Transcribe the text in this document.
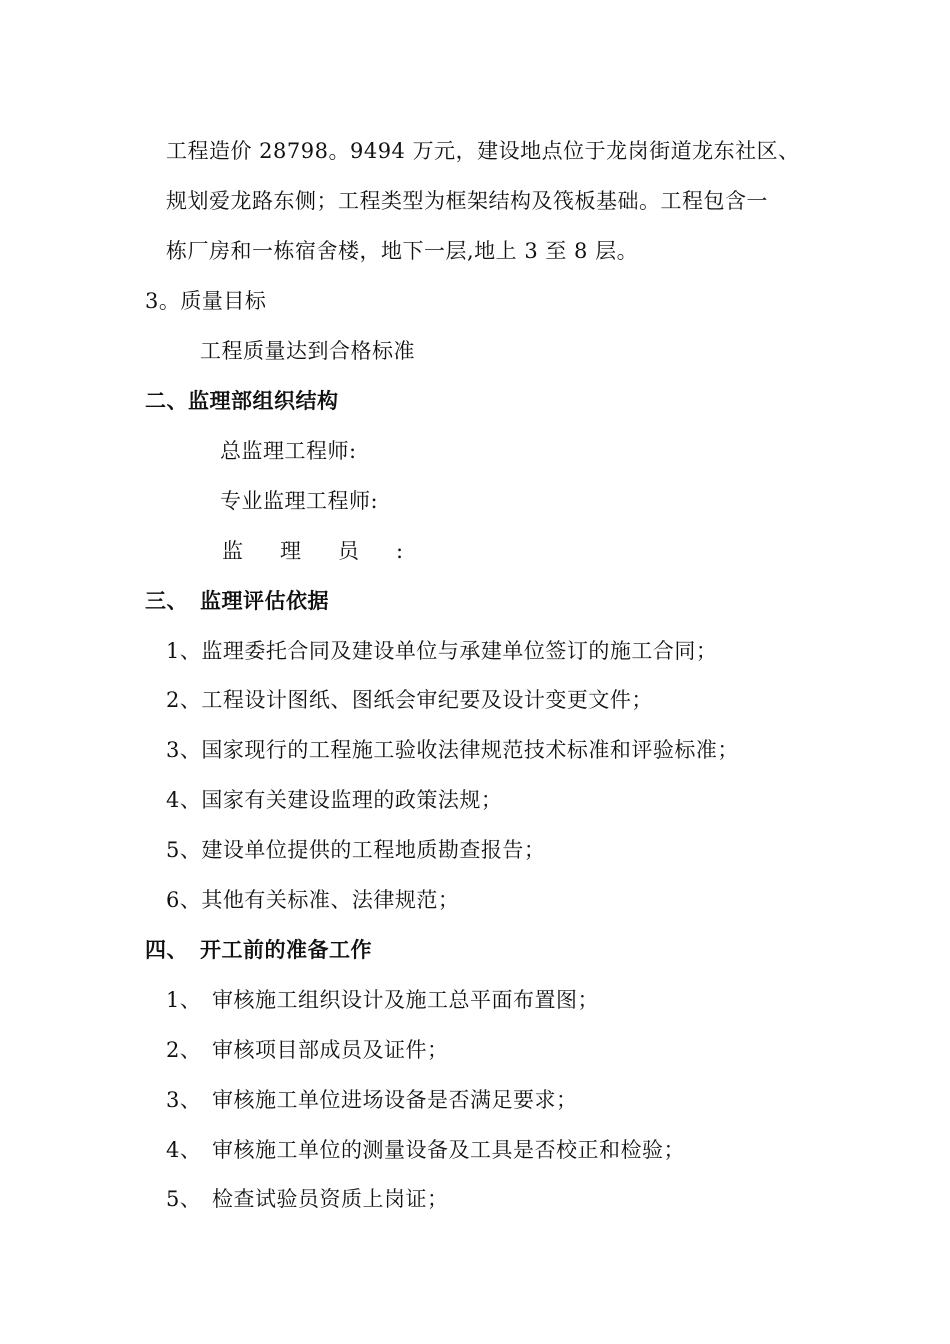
工程造价 28798。9494 万元，建设地点位于龙岗街道龙东社区、
规划爱龙路东侧；工程类型为框架结构及筏板基础。工程包含一
栋厂房和一栋宿舍楼，地下一层,地上 3 至 8 层。
3。质量目标
工程质量达到合格标准
二、监理部组织结构
总监理工程师:
专业监理工程师:
监 理 员 :
三、 监理评估依据
1、监理委托合同及建设单位与承建单位签订的施工合同；
2、工程设计图纸、图纸会审纪要及设计变更文件；
3、国家现行的工程施工验收法律规范技术标准和评验标准；
4、国家有关建设监理的政策法规；
5、建设单位提供的工程地质勘查报告；
6、其他有关标准、法律规范；
四、 开工前的准备工作
1、 审核施工组织设计及施工总平面布置图；
2、 审核项目部成员及证件；
3、 审核施工单位进场设备是否满足要求；
4、 审核施工单位的测量设备及工具是否校正和检验；
5、 检查试验员资质上岗证；
